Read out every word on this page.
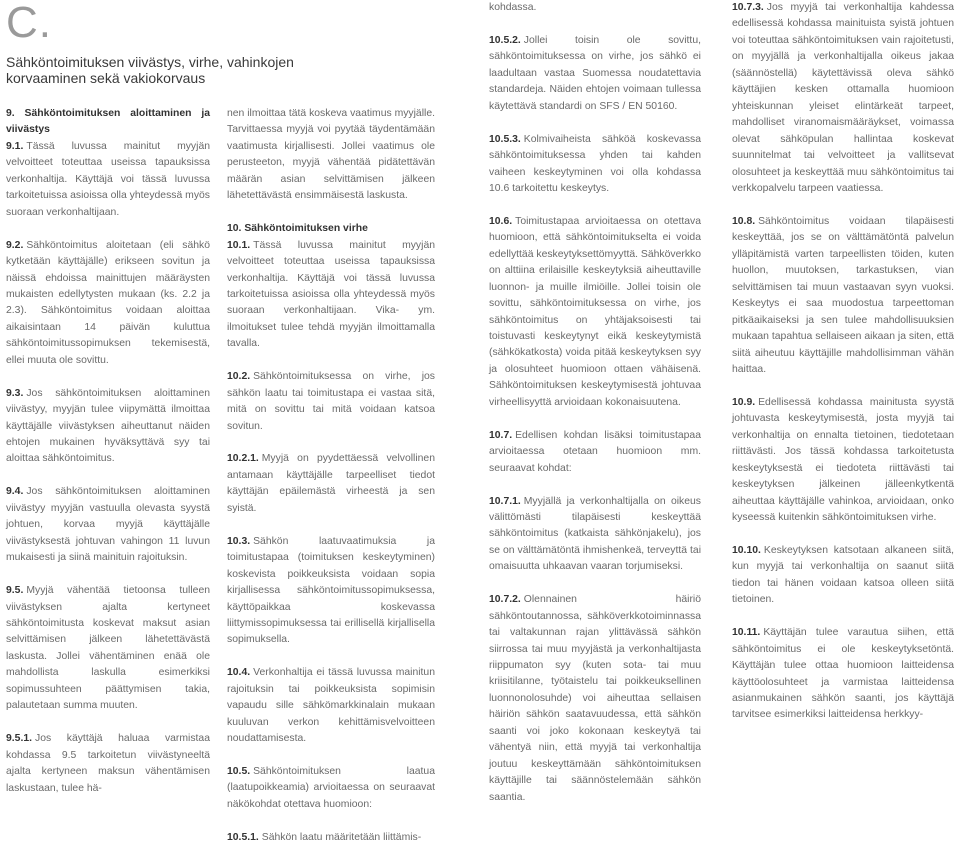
C.
Sähköntoimituksen viivästys, virhe, vahinkojen korvaaminen sekä vakiokorvaus
9. Sähköntoimituksen aloittaminen ja viivästys
9.1. Tässä luvussa mainitut myyjän velvoitteet toteuttaa useissa tapauksissa verkonhaltija. Käyttäjä voi tässä luvussa tarkoitetuissa asioissa olla yhteydessä myös suoraan verkonhaltijaan.
9.2. Sähköntoimitus aloitetaan (eli sähkö kytketään käyttäjälle) erikseen sovitun ja näissä ehdoissa mainittujen määräysten mukaisten edellytysten mukaan (ks. 2.2 ja 2.3). Sähköntoimitus voidaan aloittaa aikaisintaan 14 päivän kuluttua sähköntoimitussopimuksen tekemisestä, ellei muuta ole sovittu.
9.3. Jos sähköntoimituksen aloittaminen viivästyy, myyjän tulee viipymättä ilmoittaa käyttäjälle viivästyksen aiheuttanut näiden ehtojen mukainen hyväksyttävä syy tai aloittaa sähköntoimitus.
9.4. Jos sähköntoimituksen aloittaminen viivästyy myyjän vastuulla olevasta syystä johtuen, korvaa myyjä käyttäjälle viivästyksestä johtuvan vahingon 11 luvun mukaisesti ja siinä mainituin rajoituksin.
9.5. Myyjä vähentää tietoonsa tulleen viivästyksen ajalta kertyneet sähköntoimitusta koskevat maksut asian selvittämisen jälkeen lähetettävästä laskusta. Jollei vähentäminen enää ole mahdollista laskulla esimerkiksi sopimussuhteen päättymisen takia, palautetaan summa muuten.
9.5.1. Jos käyttäjä haluaa varmistaa kohdassa 9.5 tarkoitetun viivästyneeltä ajalta kertyneen maksun vähentämisen laskustaan, tulee hä-
nen ilmoittaa tätä koskeva vaatimus myyjälle. Tarvittaessa myyjä voi pyytää täydentämään vaatimusta kirjallisesti. Jollei vaatimus ole perusteeton, myyjä vähentää pidätettävän määrän asian selvittämisen jälkeen lähetettävästä ensimmäisestä laskusta.
10. Sähköntoimituksen virhe
10.1. Tässä luvussa mainitut myyjän velvoitteet toteuttaa useissa tapauksissa verkonhaltija. Käyttäjä voi tässä luvussa tarkoitetuissa asioissa olla yhteydessä myös suoraan verkonhaltijaan. Vika- ym. ilmoitukset tulee tehdä myyjän ilmoittamalla tavalla.
10.2. Sähköntoimituksessa on virhe, jos sähkön laatu tai toimitustapa ei vastaa sitä, mitä on sovittu tai mitä voidaan katsoa sovitun.
10.2.1. Myyjä on pyydettäessä velvollinen antamaan käyttäjälle tarpeelliset tiedot käyttäjän epäilemästä virheestä ja sen syistä.
10.3. Sähkön laatuvaatimuksia ja toimitustapaa (toimituksen keskeytyminen) koskevista poikkeuksista voidaan sopia kirjallisessa sähköntoimitussopimuksessa, käyttöpaikkaa koskevassa liittymissopimuksessa tai erillisellä kirjallisella sopimuksella.
10.4. Verkonhaltija ei tässä luvussa mainitun rajoituksin tai poikkeuksista sopimisin vapaudu sille sähkömarkkinalain mukaan kuuluvan verkon kehittämisvelvoitteen noudattamisesta.
10.5. Sähköntoimituksen laatua (laatupoikkeamia) arvioitaessa on seuraavat näkökohdat otettava huomioon:
10.5.1. Sähkön laatu määritetään liittämis-
kohdassa.
10.5.2. Jollei toisin ole sovittu, sähköntoimituksessa on virhe, jos sähkö ei laadultaan vastaa Suomessa noudatettavia standardeja. Näiden ehtojen voimaan tullessa käytettävä standardi on SFS / EN 50160.
10.5.3. Kolmivaiheista sähköä koskevassa sähköntoimituksessa yhden tai kahden vaiheen keskeytyminen voi olla kohdassa 10.6 tarkoitettu keskeytys.
10.6. Toimitustapaa arvioitaessa on otettava huomioon, että sähköntoimitukselta ei voida edellyttää keskeytyksettömyyttä. Sähköverkko on alttiina erilaisille keskeytyksiä aiheuttaville luonnon- ja muille ilmiöille. Jollei toisin ole sovittu, sähköntoimituksessa on virhe, jos sähköntoimitus on yhtäjaksoisesti tai toistuvasti keskeytynyt eikä keskeytymistä (sähkökatkosta) voida pitää keskeytyksen syy ja olosuhteet huomioon ottaen vähäisenä. Sähköntoimituksen keskeytymisestä johtuvaa virheellisyyttä arvioidaan kokonaisuutena.
10.7. Edellisen kohdan lisäksi toimitustapaa arvioitaessa otetaan huomioon mm. seuraavat kohdat:
10.7.1. Myyjällä ja verkonhaltijalla on oikeus välittömästi tilapäisesti keskeyttää sähköntoimitus (katkaista sähkönjakelu), jos se on välttämätöntä ihmishenkeä, terveyttä tai omaisuutta uhkaavan vaaran torjumiseksi.
10.7.2. Olennainen häiriö sähköntoutannossa, sähköverkkotoiminnassa tai valtakunnan rajan ylittävässä sähkön siirrossa tai muu myyjästä ja verkonhaltijasta riippumaton syy (kuten sota- tai muu kriisitilanne, työtaistelu tai poikkeuksellinen luonnonolosuhde) voi aiheuttaa sellaisen häiriön sähkön saatavuudessa, että sähkön saanti voi joko kokonaan keskeytyä tai vähentyä niin, että myyjä tai verkonhaltija joutuu keskeyttämään sähköntoimituksen käyttäjille tai säännöstelemään sähkön saantia.
10.7.3. Jos myyjä tai verkonhaltija kahdessa edellisessä kohdassa mainituista syistä johtuen voi toteuttaa sähköntoimituksen vain rajoitetusti, on myyjällä ja verkonhaltijalla oikeus jakaa (säännöstellä) käytettävissä oleva sähkö käyttäjien kesken ottamalla huomioon yhteiskunnan yleiset elintärkeät tarpeet, mahdolliset viranomaismääräykset, voimassa olevat sähköpulan hallintaa koskevat suunnitelmat tai velvoitteet ja vallitsevat olosuhteet ja keskeyttää muu sähköntoimitus tai verkkopalvelu tarpeen vaatiessa.
10.8. Sähköntoimitus voidaan tilapäisesti keskeyttää, jos se on välttämätöntä palvelun ylläpitämistä varten tarpeellisten töiden, kuten huollon, muutoksen, tarkastuksen, vian selvittämisen tai muun vastaavan syyn vuoksi. Keskeytys ei saa muodostua tarpeettoman pitkäaikaiseksi ja sen tulee mahdollisuuksien mukaan tapahtua sellaiseen aikaan ja siten, että siitä aiheutuu käyttäjille mahdollisimman vähän haittaa.
10.9. Edellisessä kohdassa mainitusta syystä johtuvasta keskeytymisestä, josta myyjä tai verkonhaltija on ennalta tietoinen, tiedotetaan riittävästi. Jos tässä kohdassa tarkoitetusta keskeytyksestä ei tiedoteta riittävästi tai keskeytyksen jälkeinen jälleenkytkentä aiheuttaa käyttäjälle vahinkoa, arvioidaan, onko kyseessä kuitenkin sähköntoimituksen virhe.
10.10. Keskeytyksen katsotaan alkaneen siitä, kun myyjä tai verkonhaltija on saanut siitä tiedon tai hänen voidaan katsoa olleen siitä tietoinen.
10.11. Käyttäjän tulee varautua siihen, että sähköntoimitus ei ole keskeytyksetöntä. Käyttäjän tulee ottaa huomioon laitteidensa käyttöolosuhteet ja varmistaa laitteidensa asianmukainen sähkön saanti, jos käyttäjä tarvitsee esimerkiksi laitteidensa herkkyy-
